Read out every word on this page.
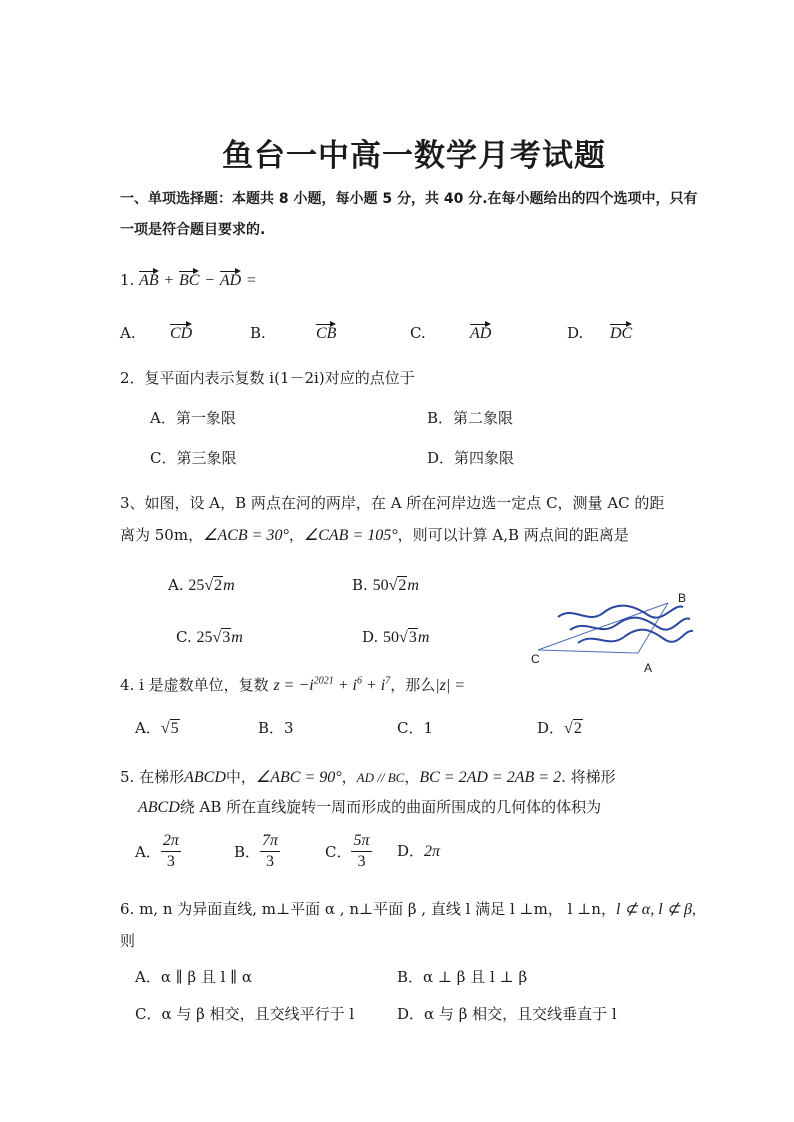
鱼台一中高一数学月考试题
一、单项选择题：本题共 8 小题，每小题 5 分，共 40 分.在每小题给出的四个选项中，只有
一项是符合题目要求的.
1. AB + BC − AD =
A. CD	B.	CB	C.	AD	D. DC
2．复平面内表示复数 i(1－2i)对应的点位于
A．第一象限	B．第二象限
C．第三象限	D．第四象限
3、如图，设 A，B 两点在河的两岸，在 A 所在河岸边选一定点 C，测量 AC 的距
离为 50m，∠ACB = 30°，∠CAB = 105°，则可以计算 A,B 两点间的距离是
A. 25√2m	B. 50√2m
C. 25√3m	D. 50√3m
B
C
A
4. i 是虚数单位，复数 $z = -i^{2021} + i^6 + i^7$，那么|z| =
A．√5	B．3	C．1	D．√2
5. 在梯形ABCD中，∠ABC = 90°，AD // BC，BC = 2AD = 2AB = 2. 将梯形
ABCD绕 AB 所在直线旋转一周而形成的曲面所围成的几何体的体积为
A． $\frac{2\pi}{3}$	B． $\frac{7\pi}{3}$	C． $\frac{5\pi}{3}$ D．2π
6. m, n 为异面直线, m⊥平面 α , n⊥平面 β , 直线 l 满足 l ⊥m， l ⊥n，l ⊄ α, l ⊄ β,
则
A．α ∥ β 且 l ∥ α	B．α ⊥ β 且 l ⊥ β
C．α 与 β 相交，且交线平行于 l	D．α 与 β 相交，且交线垂直于 l
